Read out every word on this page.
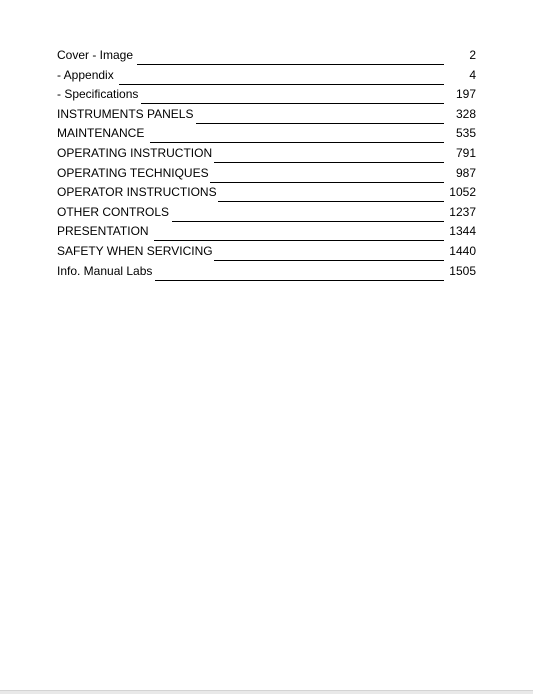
Cover - Image	2
- Appendix	4
- Specifications	197
INSTRUMENTS PANELS	328
MAINTENANCE	535
OPERATING INSTRUCTION	791
OPERATING TECHNIQUES	987
OPERATOR INSTRUCTIONS	1052
OTHER CONTROLS	1237
PRESENTATION	1344
SAFETY WHEN SERVICING	1440
Info. Manual Labs	1505
